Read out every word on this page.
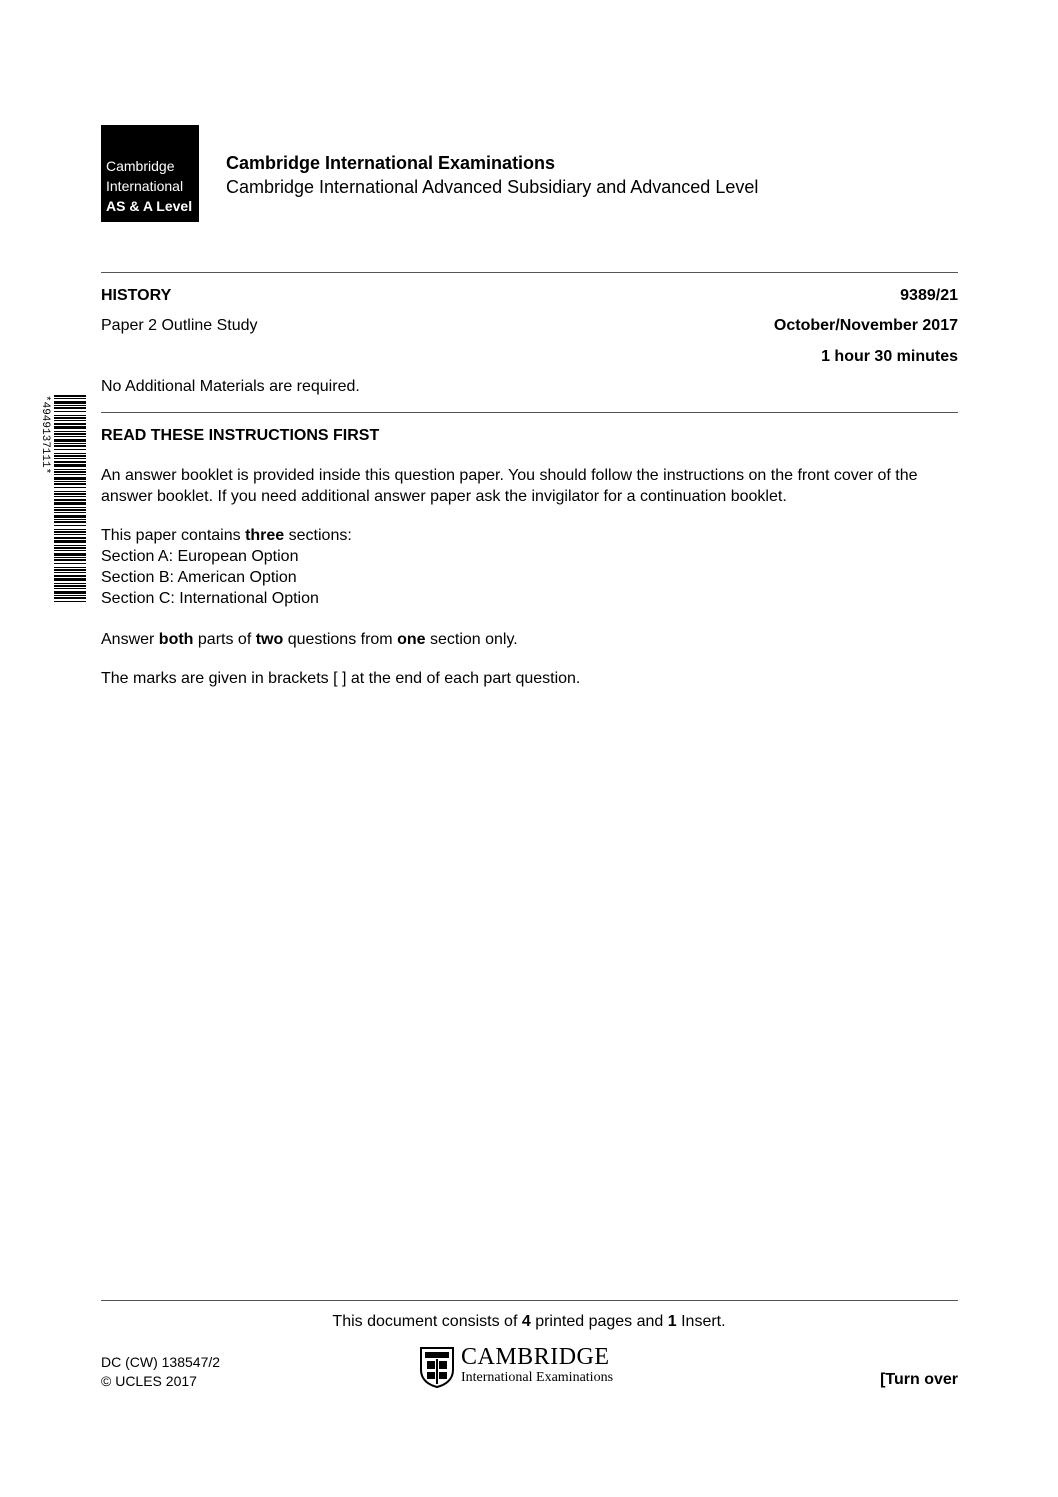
Cambridge
International
AS & A Level
Cambridge International Examinations
Cambridge International Advanced Subsidiary and Advanced Level
HISTORY	9389/21
Paper 2 Outline Study	October/November 2017
1 hour 30 minutes
No Additional Materials are required.
*4949137111*	READ THESE INSTRUCTIONS FIRST
An answer booklet is provided inside this question paper. You should follow the instructions on the front cover of the answer booklet. If you need additional answer paper ask the invigilator for a continuation booklet.
This paper contains three sections:
Section A: European Option
Section B: American Option
Section C: International Option
Answer both parts of two questions from one section only.
The marks are given in brackets [ ] at the end of each part question.
This document consists of 4 printed pages and 1 Insert.
DC (CW) 138547/2
© UCLES 2017
CAMBRIDGE
International Examinations	[Turn over
